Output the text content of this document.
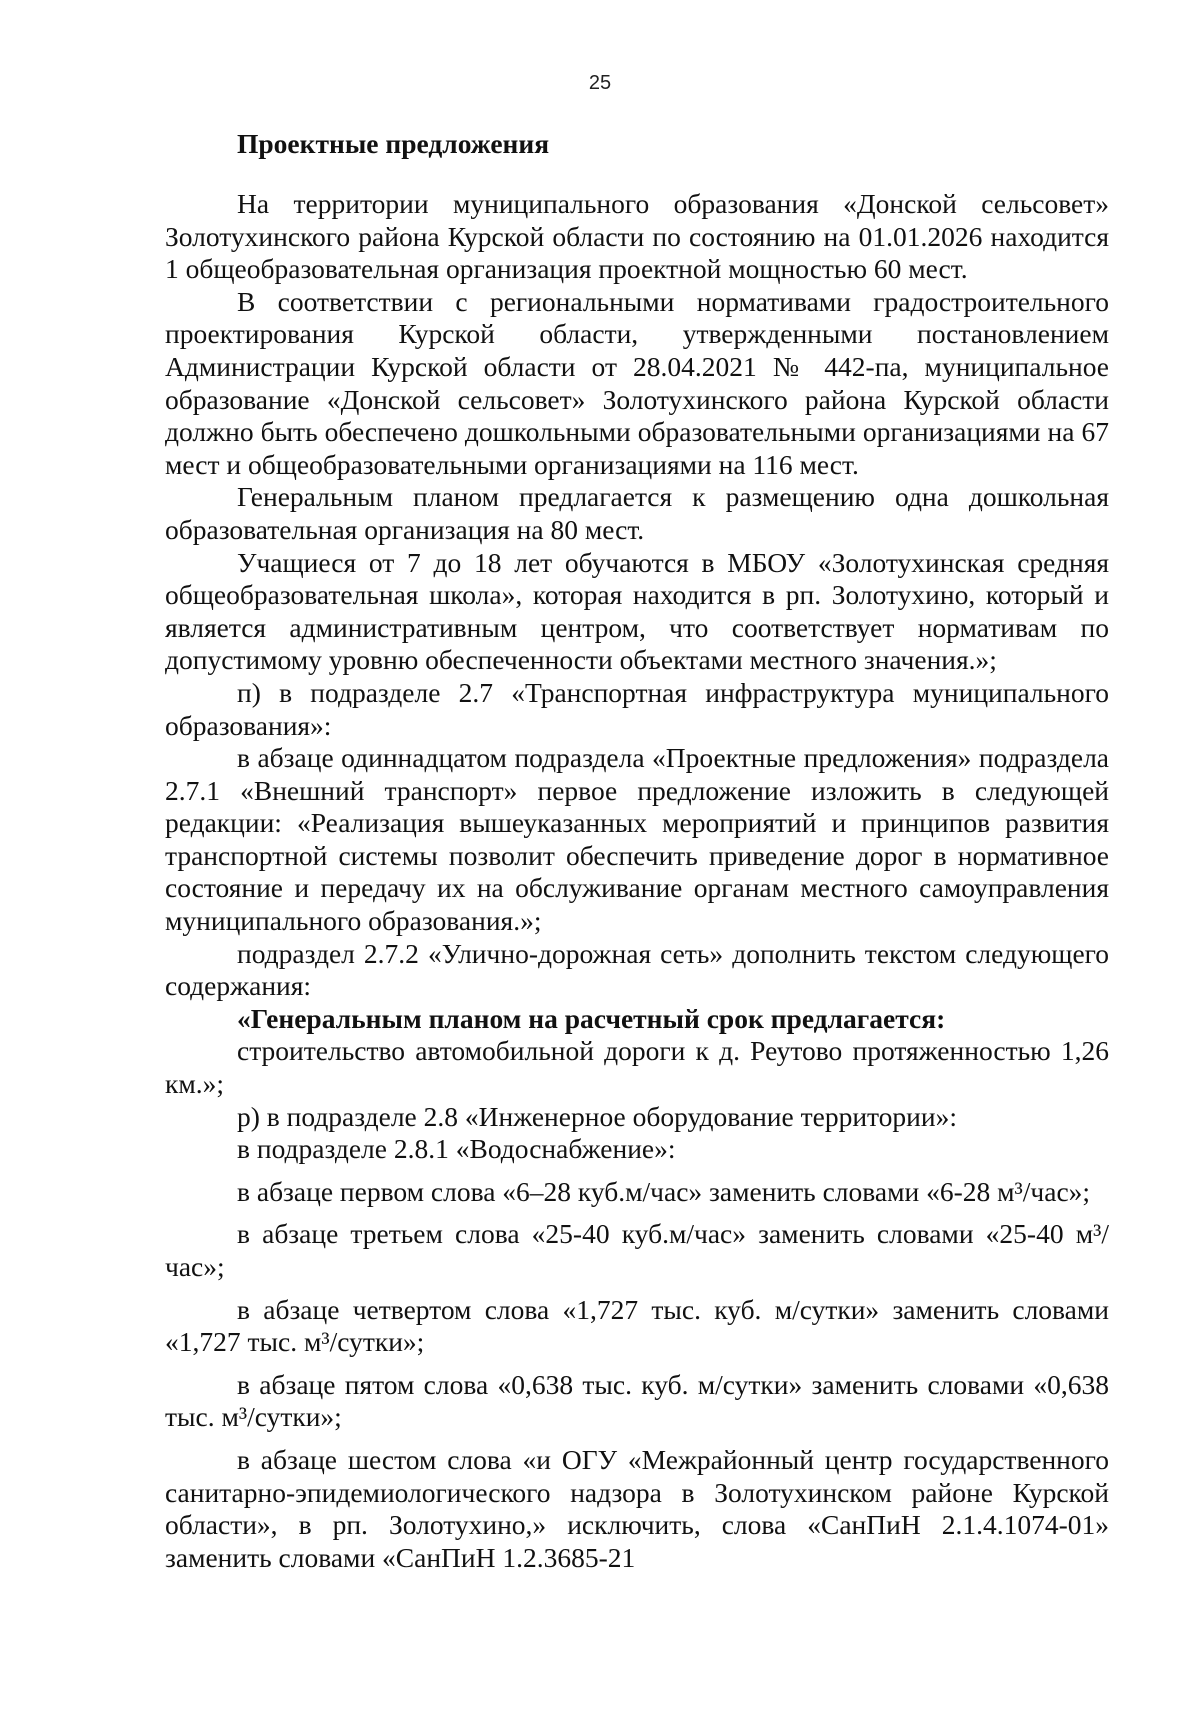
25
Проектные предложения

На территории муниципального образования «Донской сельсовет» Золотухинского района Курской области по состоянию на 01.01.2026 находится 1 общеобразовательная организация проектной мощностью 60 мест.

В соответствии с региональными нормативами градостроительного проектирования Курской области, утвержденными постановлением Администрации Курской области от 28.04.2021 № 442-па, муниципальное образование «Донской сельсовет» Золотухинского района Курской области должно быть обеспечено дошкольными образовательными организациями на 67 мест и общеобразовательными организациями на 116 мест.

Генеральным планом предлагается к размещению одна дошкольная образовательная организация на 80 мест.

Учащиеся от 7 до 18 лет обучаются в МБОУ «Золотухинская средняя общеобразовательная школа», которая находится в рп. Золотухино, который и является административным центром, что соответствует нормативам по допустимому уровню обеспеченности объектами местного значения.»;

п) в подразделе 2.7 «Транспортная инфраструктура муниципального образования»:

в абзаце одиннадцатом подраздела «Проектные предложения» подраздела 2.7.1 «Внешний транспорт» первое предложение изложить в следующей редакции: «Реализация вышеуказанных мероприятий и принципов развития транспортной системы позволит обеспечить приведение дорог в нормативное состояние и передачу их на обслуживание органам местного самоуправления муниципального образования.»;

подраздел 2.7.2 «Улично-дорожная сеть» дополнить текстом следующего содержания:

«Генеральным планом на расчетный срок предлагается:

строительство автомобильной дороги к д. Реутово протяженностью 1,26 км.»;

р) в подразделе 2.8 «Инженерное оборудование территории»:

в подразделе 2.8.1 «Водоснабжение»:

в абзаце первом слова «6–28 куб.м/час» заменить словами «6-28 м³/час»;

в абзаце третьем слова «25-40 куб.м/час» заменить словами «25-40 м³/час»;

в абзаце четвертом слова «1,727 тыс. куб. м/сутки» заменить словами «1,727 тыс. м³/сутки»;

в абзаце пятом слова «0,638 тыс. куб. м/сутки» заменить словами «0,638 тыс. м³/сутки»;

в абзаце шестом слова «и ОГУ «Межрайонный центр государственного санитарно-эпидемиологического надзора в Золотухинском районе Курской области», в рп. Золотухино,» исключить, слова «СанПиН 2.1.4.1074-01» заменить словами «СанПиН 1.2.3685-21
